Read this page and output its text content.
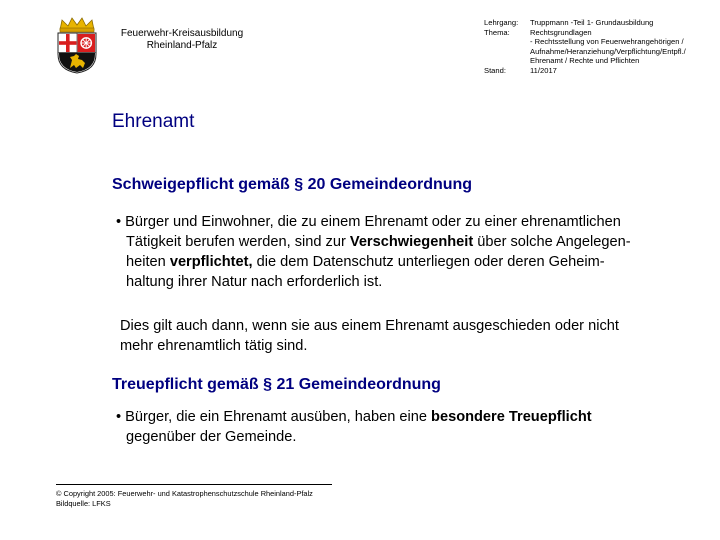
Feuerwehr-Kreisausbildung
Rheinland-Pfalz
Lehrgang:	Truppmann -Teil 1- Grundausbildung
Thema:	Rechtsgrundlagen
- Rechtsstellung von Feuerwehrangehörigen /
Aufnahme/Heranziehung/Verpflichtung/Entpfl./
Ehrenamt / Rechte und Pflichten
Stand:	11/2017
Ehrenamt
Schweigepflicht gemäß § 20 Gemeindeordnung
• Bürger und Einwohner, die zu einem Ehrenamt oder zu einer ehrenamtlichen
Tätigkeit berufen werden, sind zur Verschwiegenheit über solche Angelegen-
heiten verpflichtet, die dem Datenschutz unterliegen oder deren Geheim-
haltung ihrer Natur nach erforderlich ist.
Dies gilt auch dann, wenn sie aus einem Ehrenamt ausgeschieden oder nicht
mehr ehrenamtlich tätig sind.
Treuepflicht gemäß § 21 Gemeindeordnung
• Bürger, die ein Ehrenamt ausüben, haben eine besondere Treuepflicht
gegenüber der Gemeinde.
© Copyright 2005: Feuerwehr- und Katastrophenschutzschule Rheinland-Pfalz
Bildquelle: LFKS
